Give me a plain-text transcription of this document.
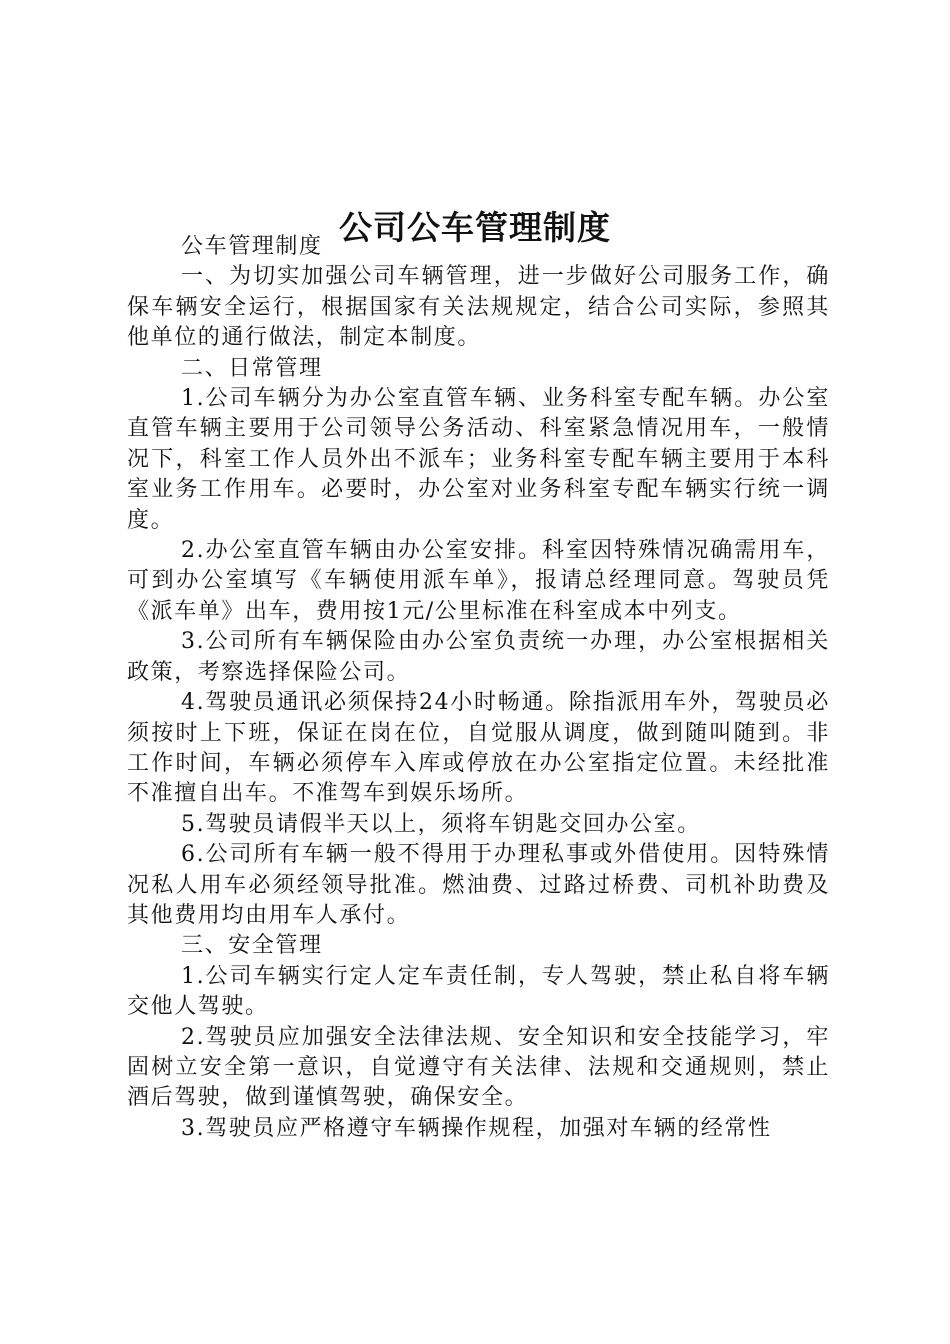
公司公车管理制度

公车管理制度

一、为切实加强公司车辆管理，进一步做好公司服务工作，确保车辆安全运行，根据国家有关法规规定，结合公司实际，参照其他单位的通行做法，制定本制度。

二、日常管理

1.公司车辆分为办公室直管车辆、业务科室专配车辆。办公室直管车辆主要用于公司领导公务活动、科室紧急情况用车，一般情况下，科室工作人员外出不派车；业务科室专配车辆主要用于本科室业务工作用车。必要时，办公室对业务科室专配车辆实行统一调度。

2.办公室直管车辆由办公室安排。科室因特殊情况确需用车，可到办公室填写《车辆使用派车单》，报请总经理同意。驾驶员凭《派车单》出车，费用按1元/公里标准在科室成本中列支。

3.公司所有车辆保险由办公室负责统一办理，办公室根据相关政策，考察选择保险公司。

4.驾驶员通讯必须保持24小时畅通。除指派用车外，驾驶员必须按时上下班，保证在岗在位，自觉服从调度，做到随叫随到。非工作时间，车辆必须停车入库或停放在办公室指定位置。未经批准不准擅自出车。不准驾车到娱乐场所。

5.驾驶员请假半天以上，须将车钥匙交回办公室。

6.公司所有车辆一般不得用于办理私事或外借使用。因特殊情况私人用车必须经领导批准。燃油费、过路过桥费、司机补助费及其他费用均由用车人承付。

三、安全管理

1.公司车辆实行定人定车责任制，专人驾驶，禁止私自将车辆交他人驾驶。

2.驾驶员应加强安全法律法规、安全知识和安全技能学习，牢固树立安全第一意识，自觉遵守有关法律、法规和交通规则，禁止酒后驾驶，做到谨慎驾驶，确保安全。

3.驾驶员应严格遵守车辆操作规程，加强对车辆的经常性
